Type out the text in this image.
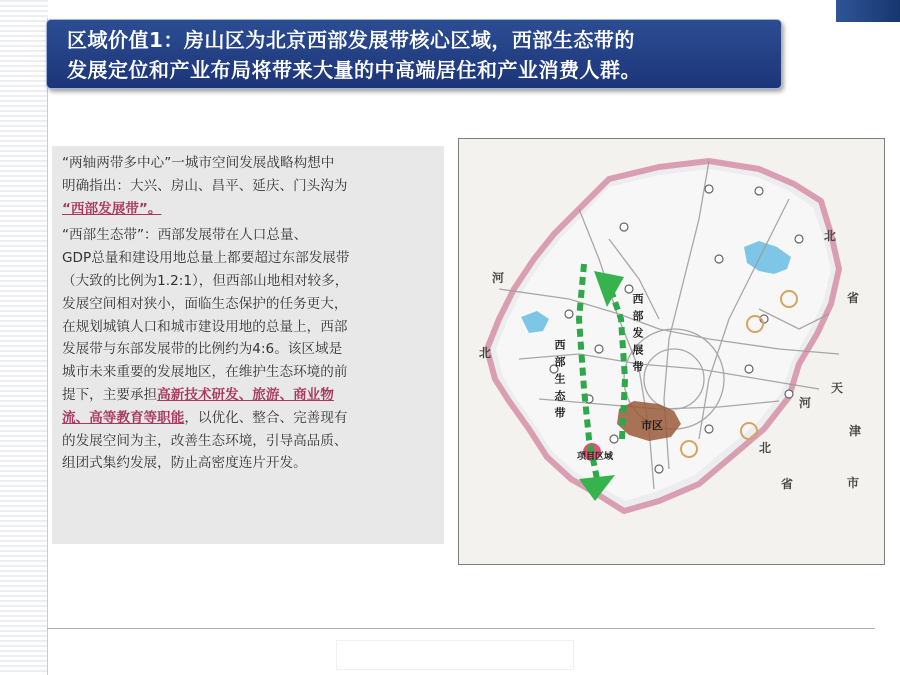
区域价值1：房山区为北京西部发展带核心区域，西部生态带的
发展定位和产业布局将带来大量的中高端居住和产业消费人群。

“两轴两带多中心”一城市空间发展战略构想中

明确指出：大兴、房山、昌平、延庆、门头沟为

“西部发展带”。

“西部生态带”：西部发展带在人口总量、

GDP总量和建设用地总量上都要超过东部发展带

（大致的比例为1.2:1），但西部山地相对较多，

发展空间相对狭小，面临生态保护的任务更大，

在规划城镇人口和城市建设用地的总量上，西部

发展带与东部发展带的比例约为4:6。该区域是

城市未来重要的发展地区，在维护生态环境的前

提下，主要承担高新技术研发、旅游、商业物

流、高等教育等职能，以优化、整合、完善现有

的发展空间为主，改善生态环境，引导高品质、

组团式集约发展，防止高密度连片开发。

河
北
北
省
天
津
市
河
北
省
西部发展带
西部生态带
市区
项目区域
